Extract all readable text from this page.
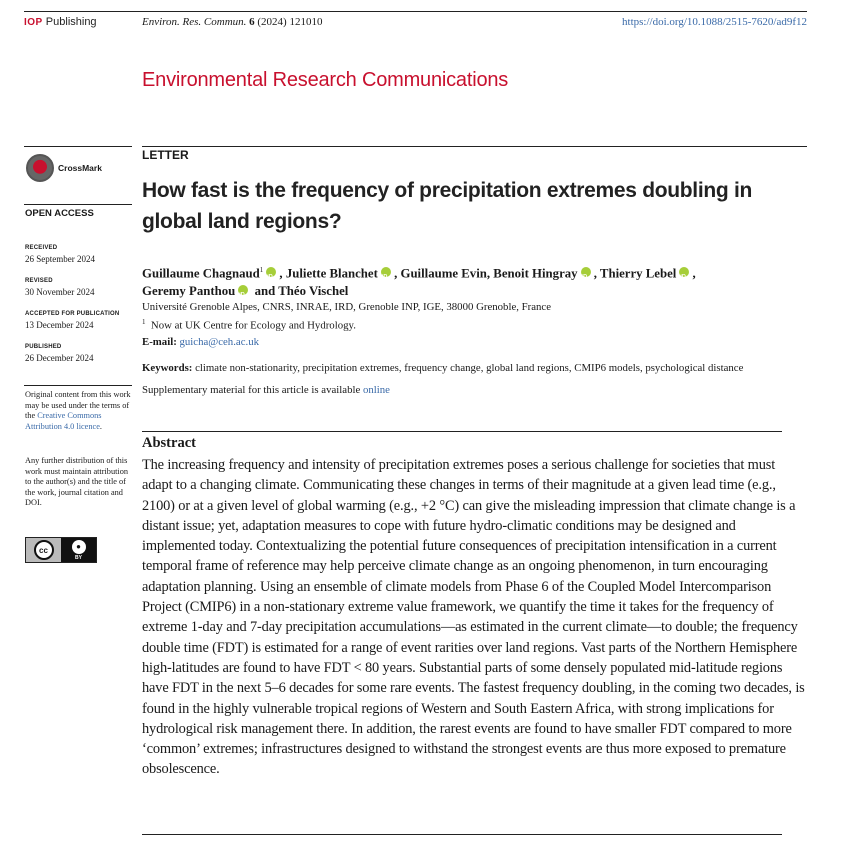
IOP Publishing	Environ. Res. Commun. 6 (2024) 121010	https://doi.org/10.1088/2515-7620/ad9f12
Environmental Research Communications
CrossMark
OPEN ACCESS
RECEIVED
26 September 2024
REVISED
30 November 2024
ACCEPTED FOR PUBLICATION
13 December 2024
PUBLISHED
26 December 2024
Original content from this work may be used under the terms of the Creative Commons Attribution 4.0 licence.
Any further distribution of this work must maintain attribution to the author(s) and the title of the work, journal citation and DOI.
cc	●
BY
LETTER
How fast is the frequency of precipitation extremes doubling in global land regions?
Guillaume Chagnaud$^1$ iD , Juliette Blanchet iD , Guillaume Evin, Benoit Hingray iD , Thierry Lebel iD ,
Geremy Panthou iD and Théo Vischel
Université Grenoble Alpes, CNRS, INRAE, IRD, Grenoble INP, IGE, 38000 Grenoble, France
$^1$ Now at UK Centre for Ecology and Hydrology.
E-mail: guicha@ceh.ac.uk
Keywords: climate non-stationarity, precipitation extremes, frequency change, global land regions, CMIP6 models, psychological distance
Supplementary material for this article is available online
Abstract

The increasing frequency and intensity of precipitation extremes poses a serious challenge for societies that must adapt to a changing climate. Communicating these changes in terms of their magnitude at a given lead time (e.g., 2100) or at a given level of global warming (e.g., +2 °C) can give the misleading impression that climate change is a distant issue; yet, adaptation measures to cope with future hydro-climatic conditions may be designed and implemented today. Contextualizing the potential future consequences of precipitation intensification in a current temporal frame of reference may help perceive climate change as an ongoing phenomenon, in turn encouraging adaptation planning. Using an ensemble of climate models from Phase 6 of the Coupled Model Intercomparison Project (CMIP6) in a non-stationary extreme value framework, we quantify the time it takes for the frequency of extreme 1-day and 7-day precipitation accumulations—as estimated in the current climate—to double; the frequency double time (FDT) is estimated for a range of event rarities over land regions. Vast parts of the Northern Hemisphere high-latitudes are found to have FDT < 80 years. Substantial parts of some densely populated mid-latitude regions have FDT in the next 5–6 decades for some rare events. The fastest frequency doubling, in the coming two decades, is found in the highly vulnerable tropical regions of Western and South Eastern Africa, with strong implications for hydrological risk management there. In addition, the rarest events are found to have smaller FDT compared to more ‘common’ extremes; infrastructures designed to withstand the strongest events are thus more exposed to premature obsolescence.
